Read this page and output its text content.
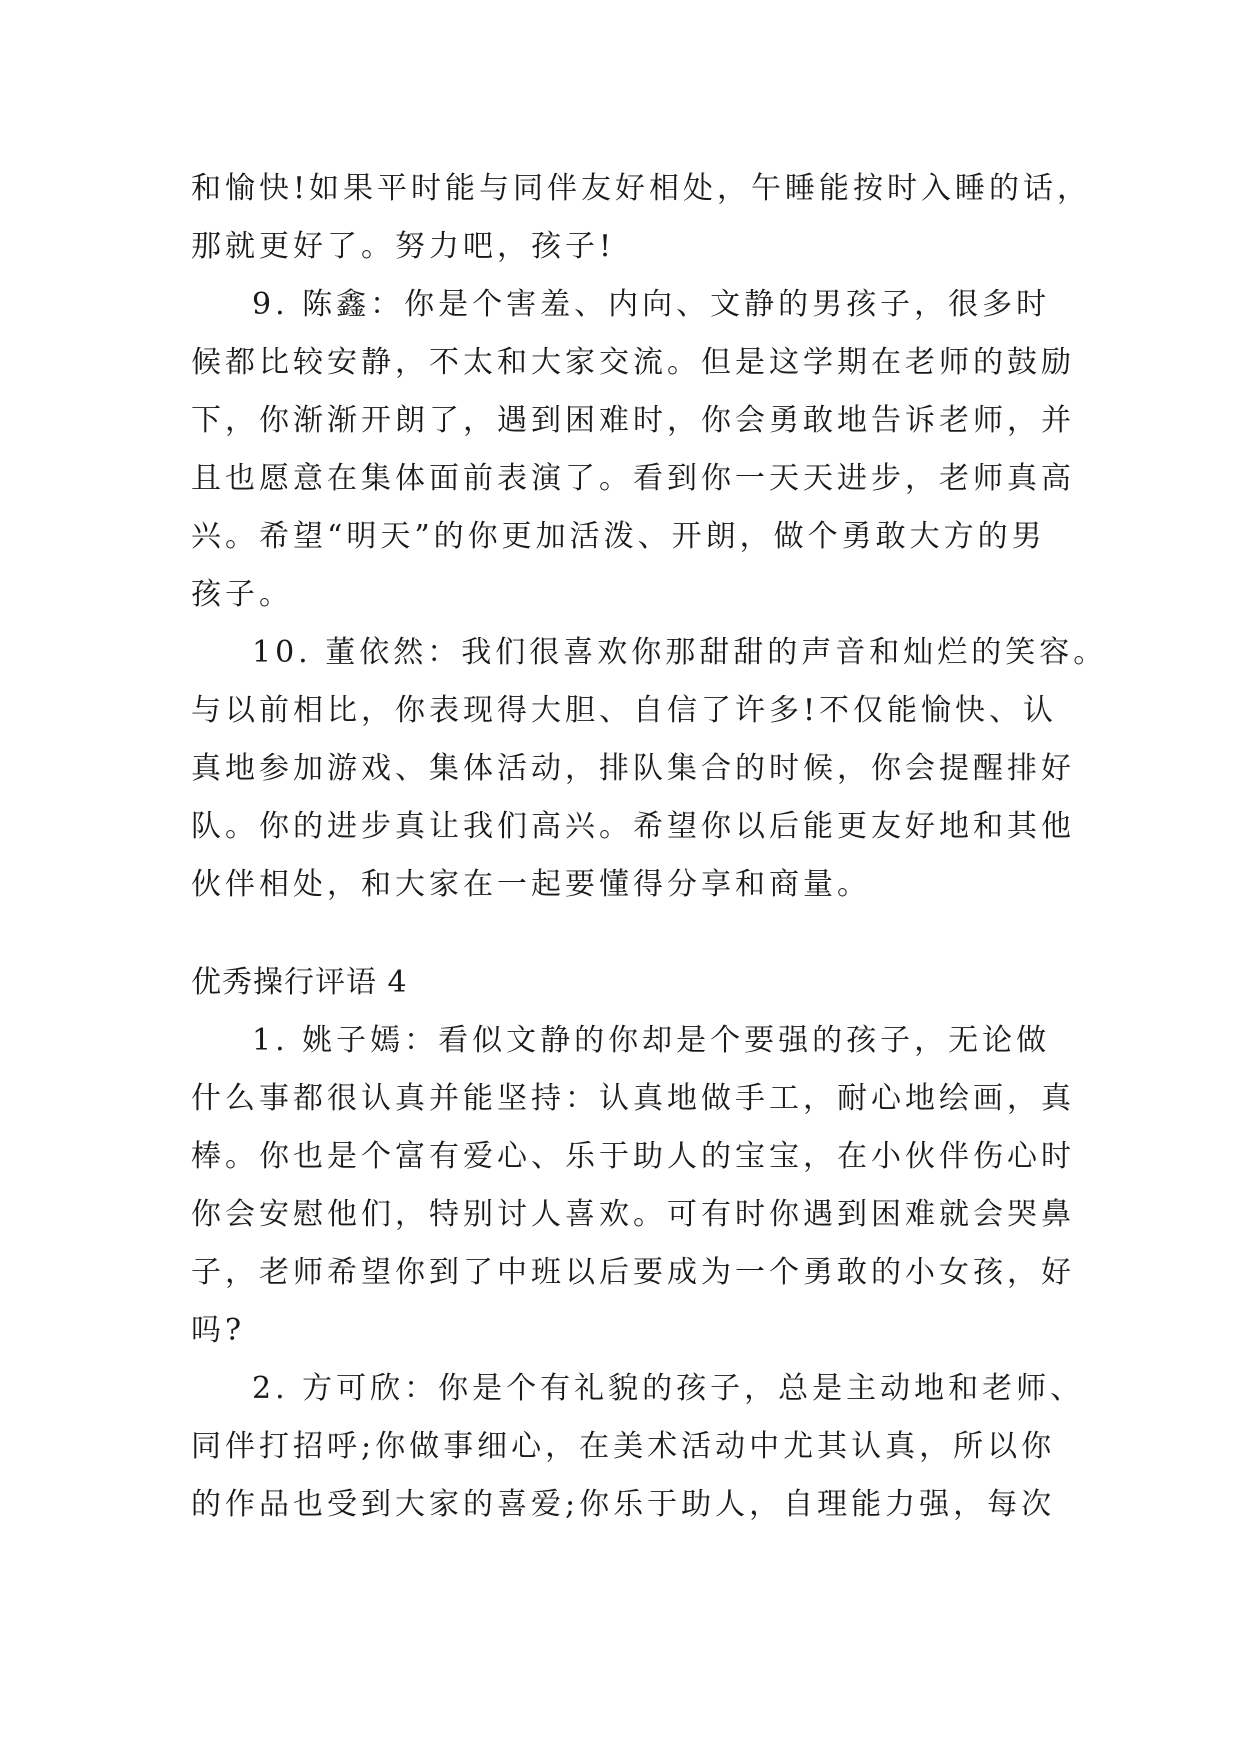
和愉快!如果平时能与同伴友好相处，午睡能按时入睡的话，
那就更好了。努力吧，孩子!
9. 陈鑫：你是个害羞、内向、文静的男孩子，很多时
候都比较安静，不太和大家交流。但是这学期在老师的鼓励
下，你渐渐开朗了，遇到困难时，你会勇敢地告诉老师，并
且也愿意在集体面前表演了。看到你一天天进步，老师真高
兴。希望“明天”的你更加活泼、开朗，做个勇敢大方的男
孩子。
10. 董依然：我们很喜欢你那甜甜的声音和灿烂的笑容。
与以前相比，你表现得大胆、自信了许多!不仅能愉快、认
真地参加游戏、集体活动，排队集合的时候，你会提醒排好
队。你的进步真让我们高兴。希望你以后能更友好地和其他
伙伴相处，和大家在一起要懂得分享和商量。
优秀操行评语 4
1. 姚子嫣：看似文静的你却是个要强的孩子，无论做
什么事都很认真并能坚持：认真地做手工，耐心地绘画，真
棒。你也是个富有爱心、乐于助人的宝宝，在小伙伴伤心时
你会安慰他们，特别讨人喜欢。可有时你遇到困难就会哭鼻
子，老师希望你到了中班以后要成为一个勇敢的小女孩，好
吗?
2. 方可欣：你是个有礼貌的孩子，总是主动地和老师、
同伴打招呼;你做事细心，在美术活动中尤其认真，所以你
的作品也受到大家的喜爱;你乐于助人，自理能力强，每次
